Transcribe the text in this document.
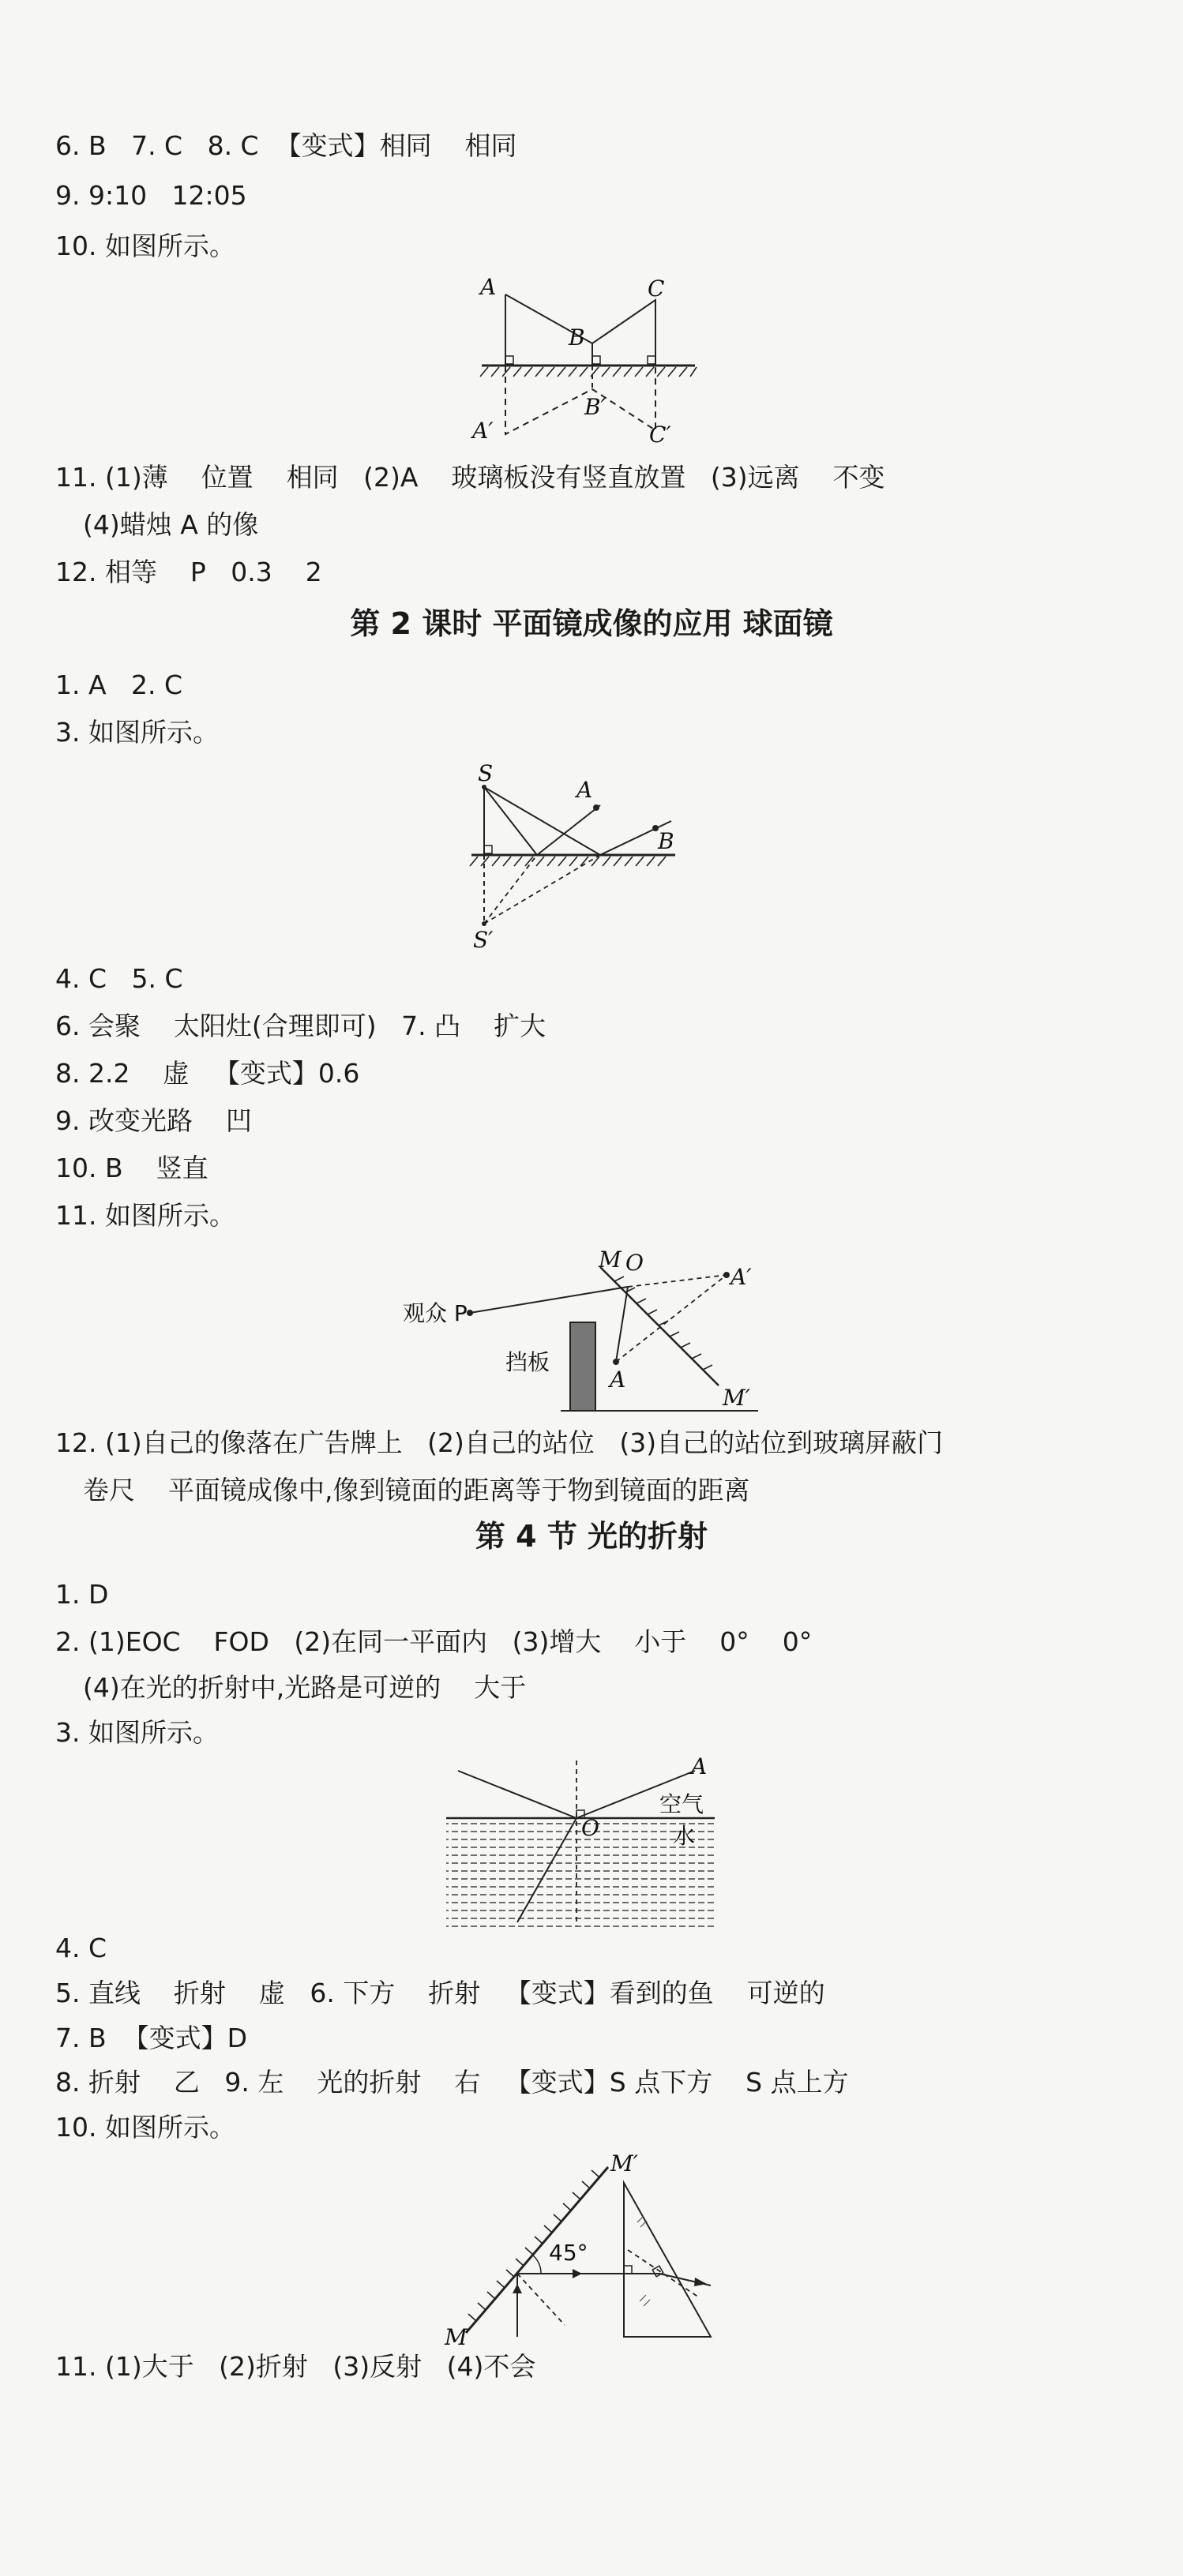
6. B   7. C   8. C  【变式】相同    相同
9. 9:10   12:05
10. 如图所示。
A
B
C
A′
B′
C′
11. (1)薄    位置    相同   (2)A    玻璃板没有竖直放置   (3)远离    不变
(4)蜡烛 A 的像
12. 相等    P   0.3    2
第 2 课时 平面镜成像的应用 球面镜
1. A   2. C
3. 如图所示。
S
A
B
S′
4. C   5. C
6. 会聚    太阳灶(合理即可)   7. 凸    扩大
8. 2.2    虚   【变式】0.6
9. 改变光路    凹
10. B    竖直
11. 如图所示。
M O
A′
观众 P
A
M′
挡板
12. (1)自己的像落在广告牌上   (2)自己的站位   (3)自己的站位到玻璃屏蔽门
卷尺    平面镜成像中,像到镜面的距离等于物到镜面的距离
第 4 节 光的折射
1. D
2. (1)EOC    FOD   (2)在同一平面内   (3)增大    小于    0°    0°
(4)在光的折射中,光路是可逆的    大于
3. 如图所示。
A
O
空气
水
4. C
5. 直线    折射    虚   6. 下方    折射   【变式】看到的鱼    可逆的
7. B  【变式】D
8. 折射    乙   9. 左    光的折射    右   【变式】S 点下方    S 点上方
10. 如图所示。
M′
M
45°
11. (1)大于   (2)折射   (3)反射   (4)不会
